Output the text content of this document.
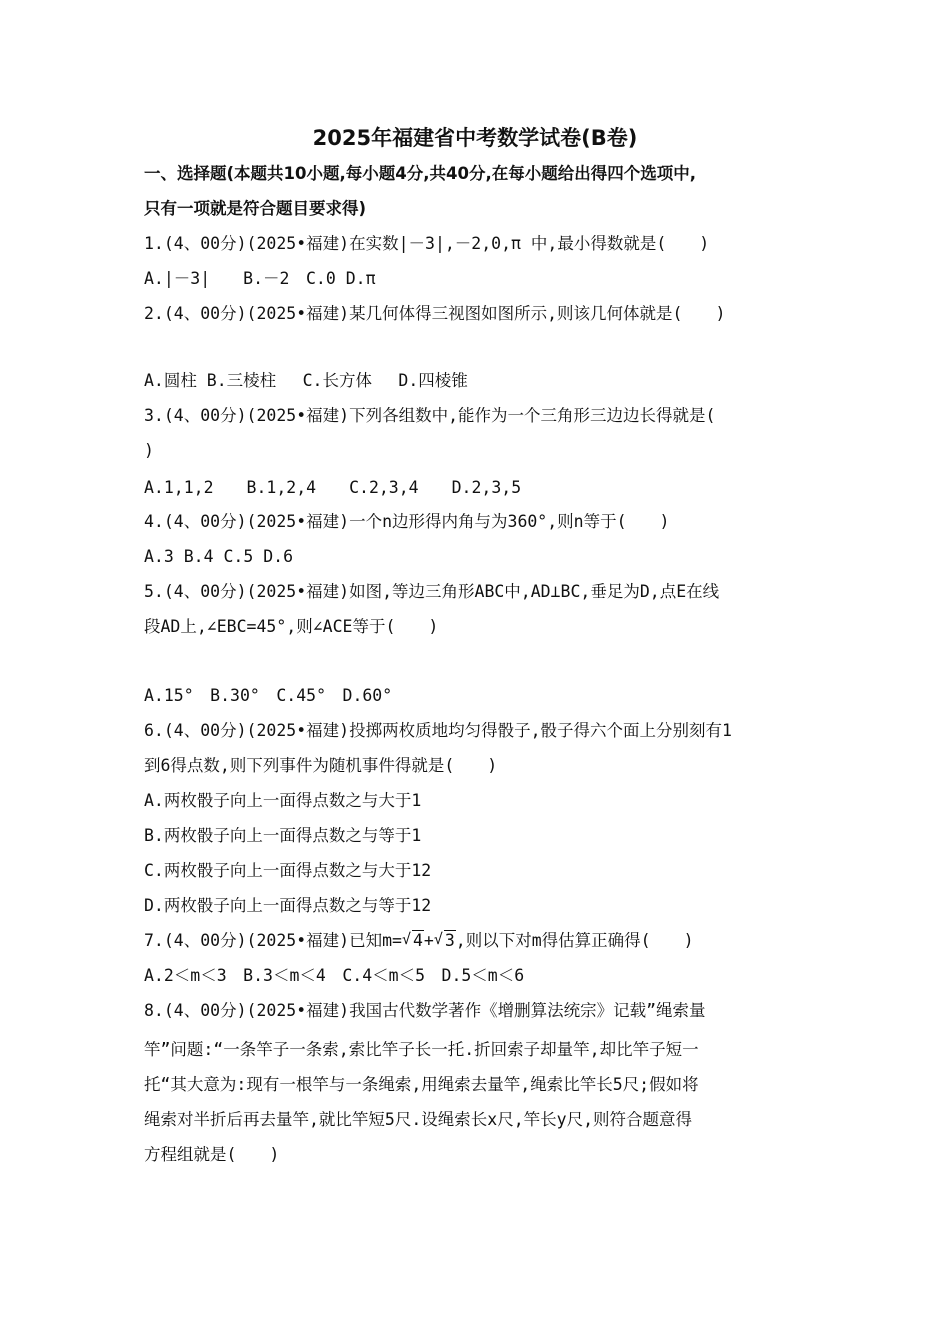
2025年福建省中考数学试卷(B卷)
一、选择题(本题共10小题,每小题4分,共40分,在每小题给出得四个选项中,
只有一项就是符合题目要求得)
1.(4、00分)(2025•福建)在实数|－3|,－2,0,π 中,最小得数就是(　　)
A.|－3|　　B.－2　C.0 D.π
2.(4、00分)(2025•福建)某几何体得三视图如图所示,则该几何体就是(　　)
A.圆柱 B.三棱柱　 C.长方体　 D.四棱锥
3.(4、00分)(2025•福建)下列各组数中,能作为一个三角形三边边长得就是(
)
A.1,1,2　　B.1,2,4　　C.2,3,4　　D.2,3,5
4.(4、00分)(2025•福建)一个n边形得内角与为360°,则n等于(　　)
A.3 B.4 C.5 D.6
5.(4、00分)(2025•福建)如图,等边三角形ABC中,AD⊥BC,垂足为D,点E在线
段AD上,∠EBC=45°,则∠ACE等于(　　)
A.15°　B.30°　C.45°　D.60°
6.(4、00分)(2025•福建)投掷两枚质地均匀得骰子,骰子得六个面上分别刻有1
到6得点数,则下列事件为随机事件得就是(　　)
A.两枚骰子向上一面得点数之与大于1
B.两枚骰子向上一面得点数之与等于1
C.两枚骰子向上一面得点数之与大于12
D.两枚骰子向上一面得点数之与等于12
7.(4、00分)(2025•福建)已知m= √ 4+ √ 3,则以下对m得估算正确得(　　)
A.2＜m＜3　B.3＜m＜4　C.4＜m＜5　D.5＜m＜6
8.(4、00分)(2025•福建)我国古代数学著作《增删算法统宗》记载”绳索量
竿”问题:“一条竿子一条索,索比竿子长一托.折回索子却量竿,却比竿子短一
托“其大意为:现有一根竿与一条绳索,用绳索去量竿,绳索比竿长5尺;假如将
绳索对半折后再去量竿,就比竿短5尺.设绳索长x尺,竿长y尺,则符合题意得
方程组就是(　　)
